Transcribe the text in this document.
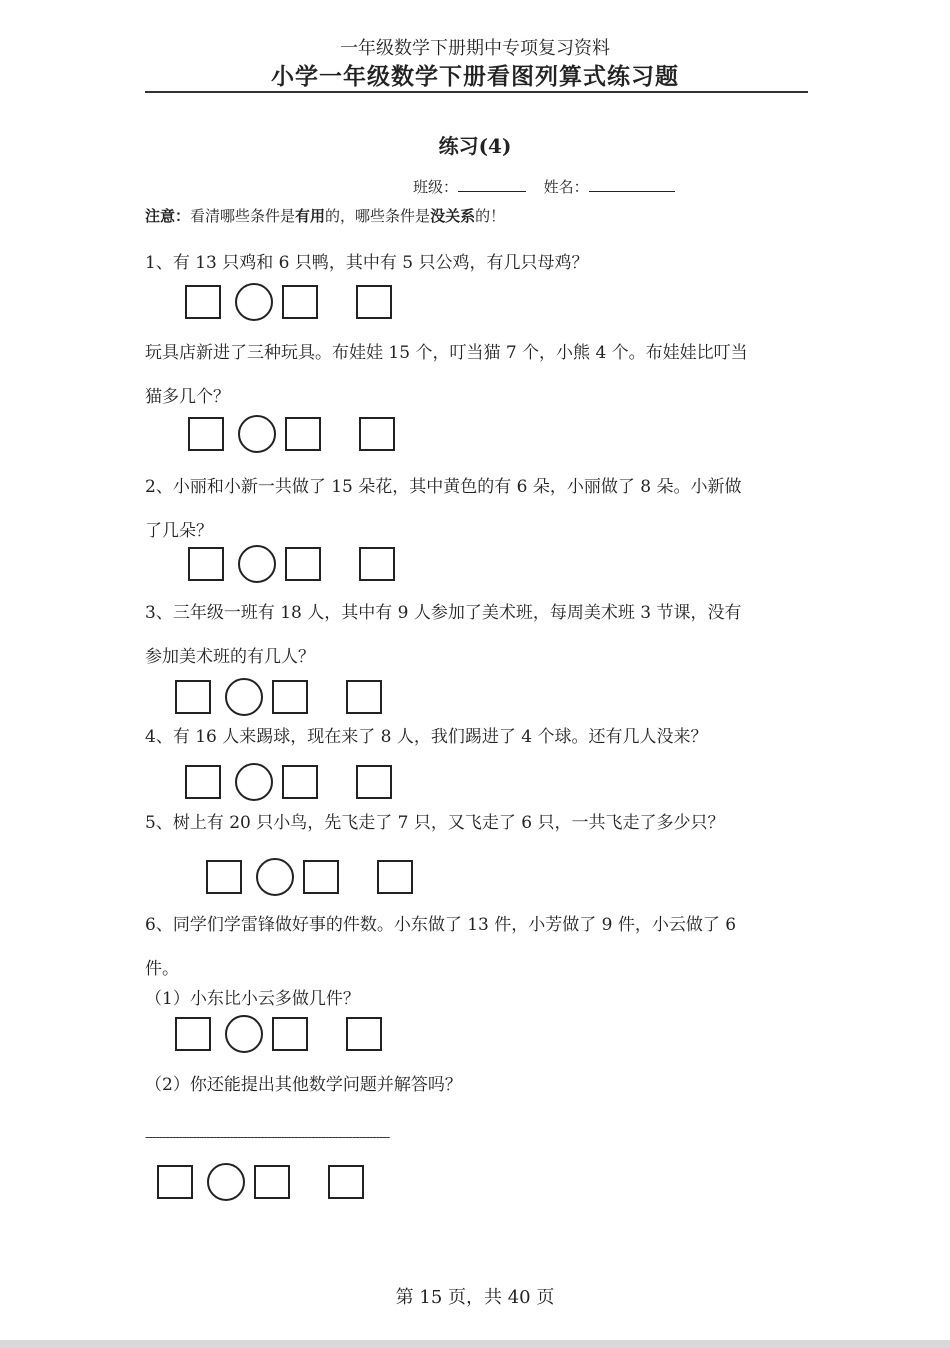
一年级数学下册期中专项复习资料
小学一年级数学下册看图列算式练习题
练习(4)
班级：	姓名：
注意：看清哪些条件是有用的，哪些条件是没关系的！
1、有 13 只鸡和 6 只鸭，其中有 5 只公鸡，有几只母鸡？
玩具店新进了三种玩具。布娃娃 15 个，叮当猫 7 个，小熊 4 个。布娃娃比叮当
猫多几个？
2、小丽和小新一共做了 15 朵花，其中黄色的有 6 朵，小丽做了 8 朵。小新做
了几朵？
3、三年级一班有 18 人，其中有 9 人参加了美术班，每周美术班 3 节课，没有
参加美术班的有几人？
4、有 16 人来踢球，现在来了 8 人，我们踢进了 4 个球。还有几人没来？
5、树上有 20 只小鸟，先飞走了 7 只，又飞走了 6 只，一共飞走了多少只？
6、同学们学雷锋做好事的件数。小东做了 13 件，小芳做了 9 件，小云做了 6
件。
（1）小东比小云多做几件？
（2）你还能提出其他数学问题并解答吗？
------------------------------------------------------------------------
第 15 页，共 40 页
